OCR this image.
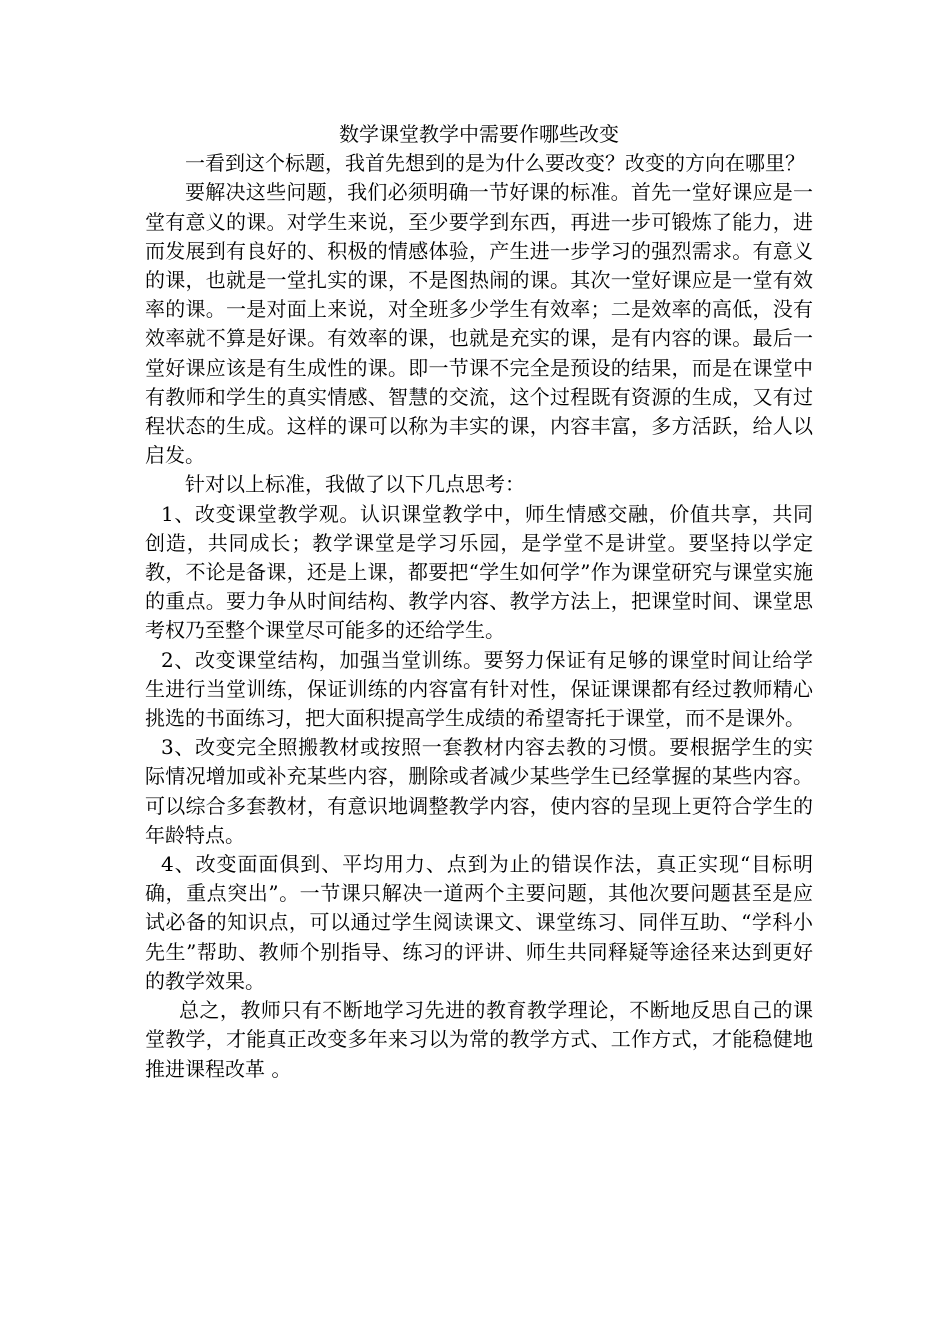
数学课堂教学中需要作哪些改变

一看到这个标题，我首先想到的是为什么要改变？改变的方向在哪里？

要解决这些问题，我们必须明确一节好课的标准。首先一堂好课应是一堂有意义的课。对学生来说，至少要学到东西，再进一步可锻炼了能力，进而发展到有良好的、积极的情感体验，产生进一步学习的强烈需求。有意义的课，也就是一堂扎实的课，不是图热闹的课。其次一堂好课应是一堂有效率的课。一是对面上来说，对全班多少学生有效率；二是效率的高低，没有效率就不算是好课。有效率的课，也就是充实的课，是有内容的课。最后一堂好课应该是有生成性的课。即一节课不完全是预设的结果，而是在课堂中有教师和学生的真实情感、智慧的交流，这个过程既有资源的生成，又有过程状态的生成。这样的课可以称为丰实的课，内容丰富，多方活跃，给人以启发。

针对以上标准，我做了以下几点思考：

1、改变课堂教学观。认识课堂教学中，师生情感交融，价值共享，共同创造，共同成长；教学课堂是学习乐园，是学堂不是讲堂。要坚持以学定教，不论是备课，还是上课，都要把“学生如何学”作为课堂研究与课堂实施的重点。要力争从时间结构、教学内容、教学方法上，把课堂时间、课堂思考权乃至整个课堂尽可能多的还给学生。

2、改变课堂结构，加强当堂训练。要努力保证有足够的课堂时间让给学生进行当堂训练，保证训练的内容富有针对性，保证课课都有经过教师精心挑选的书面练习，把大面积提高学生成绩的希望寄托于课堂，而不是课外。

3、改变完全照搬教材或按照一套教材内容去教的习惯。要根据学生的实际情况增加或补充某些内容，删除或者减少某些学生已经掌握的某些内容。可以综合多套教材，有意识地调整教学内容，使内容的呈现上更符合学生的年龄特点。

4、改变面面俱到、平均用力、点到为止的错误作法，真正实现“目标明确，重点突出”。一节课只解决一道两个主要问题，其他次要问题甚至是应试必备的知识点，可以通过学生阅读课文、课堂练习、同伴互助、“学科小先生”帮助、教师个别指导、练习的评讲、师生共同释疑等途径来达到更好的教学效果。

总之，教师只有不断地学习先进的教育教学理论，不断地反思自己的课堂教学，才能真正改变多年来习以为常的教学方式、工作方式，才能稳健地推进课程改革 。
